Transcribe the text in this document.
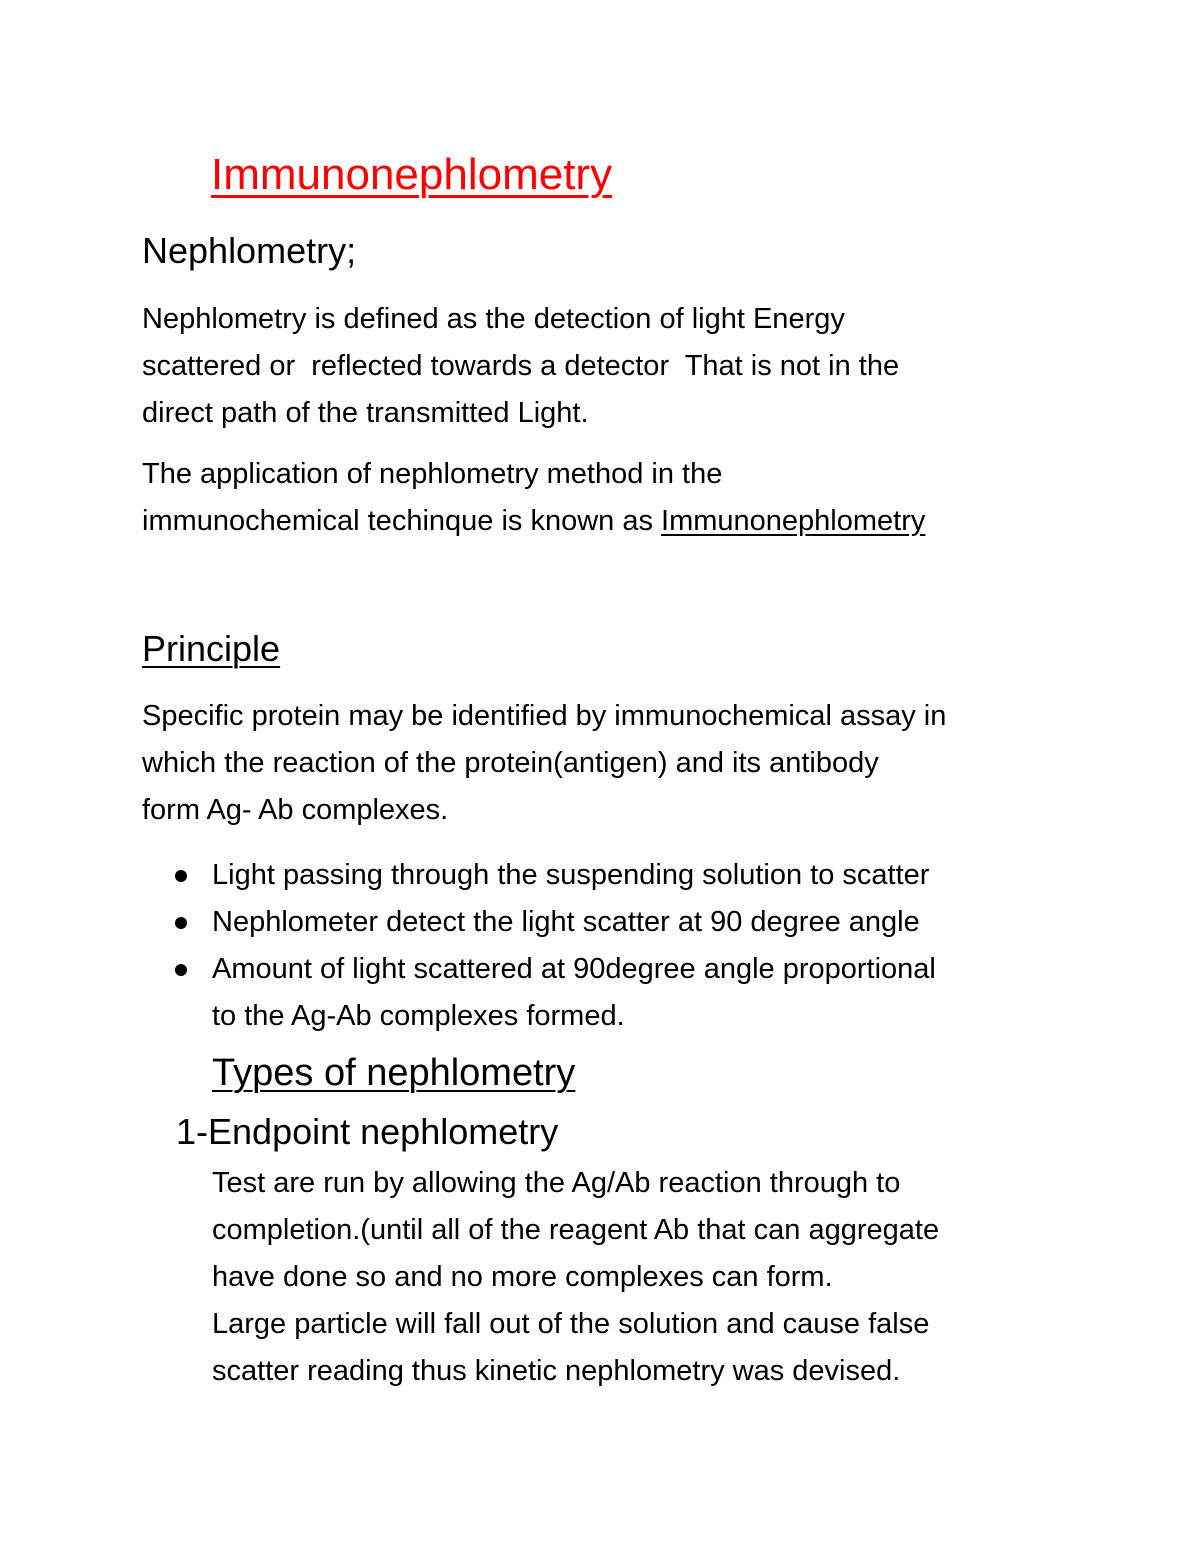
Immunonephlometry
Nephlometry;

Nephlometry is defined as the detection of light Energy
scattered or  reflected towards a detector  That is not in the
direct path of the transmitted Light.

The application of nephlometry method in the
immunochemical techinque is known as Immunonephlometry

Principle

Specific protein may be identified by immunochemical assay in
which the reaction of the protein(antigen) and its antibody
form Ag- Ab complexes.

Light passing through the suspending solution to scatter
Nephlometer detect the light scatter at 90 degree angle
Amount of light scattered at 90degree angle proportional
to the Ag-Ab complexes formed.
Types of nephlometry
1-Endpoint nephlometry

Test are run by allowing the Ag/Ab reaction through to
completion.(until all of the reagent Ab that can aggregate
have done so and no more complexes can form.
Large particle will fall out of the solution and cause false
scatter reading thus kinetic nephlometry was devised.
